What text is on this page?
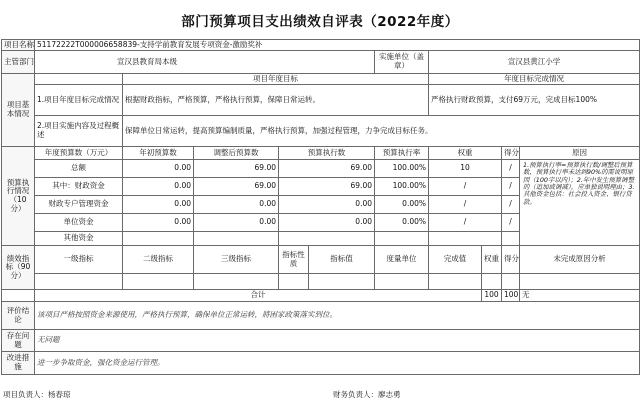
部门预算项目支出绩效自评表（2022年度）
项目名称	51172222T000006658839-支持学前教育发展专项资金-激励奖补									
主管部门	宣汉县教育局本级					实施单位（盖章）	宣汉县黄江小学			
项目基本情况		项目年度目标					年度目标完成情况			
	1.项目年度目标完成情况	根据财政指标，严格预算，严格执行预算，保障日常运转。					严格执行财政预算，支付69万元，完成目标100%			
	2.项目实施内容及过程概述	保障单位日常运转，提高预算编制质量，严格执行预算，加强过程管理，力争完成目标任务。								
预算执行情况（10分）	年度预算数（万元）	年初预算数	调整后预算数	预算执行数		预算执行率	权重		得分	原因
	总额	0.00	69.00	69.00		100.00%	10		/	1.预算执行率=预算执行数/调整后预算数，预算执行率未达到90%的需说明原因（100字以内）；2.年中发生预算调整的（追加或调减），应单独说明理由；3.其他资金包括：社会投入资金、银行贷款。
	其中：财政资金	0.00	69.00	69.00		100.00%	/		/	
	财政专户管理资金	0.00	0.00	0.00		0.00%	/		/	
	单位资金	0.00	0.00	0.00		0.00%	/		/	
	其他资金									
绩效指标（90分）	一级指标	二级指标	三级指标	指标性质	指标值	度量单位	完成值	权重	得分	未完成原因分析

	合计							100	100	无
评价结论	该项目严格按照资金来源使用，严格执行预算，确保单位正常运转，將困家政策落实到位。									
存在问题	无问题									
改进措施	进一步争取资金，强化资金运行管理。									
项目负责人：杨春琼	财务负责人：廖志勇
